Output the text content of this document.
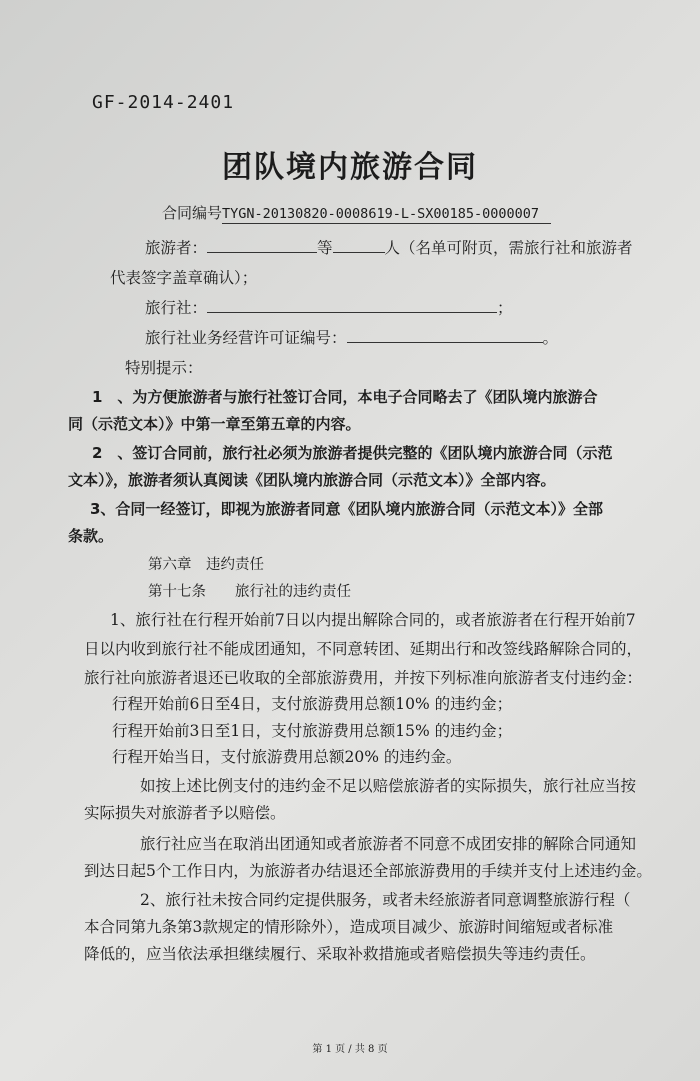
GF-2014-2401
团队境内旅游合同
合同编号TYGN-20130820-0008619-L-SX00185-0000007
旅游者：	等	人（名单可附页，需旅行社和旅游者
代表签字盖章确认）；
旅行社：	；
旅行社业务经营许可证编号：	。
特别提示：
1　、为方便旅游者与旅行社签订合同，本电子合同略去了《团队境内旅游合
同（示范文本）》中第一章至第五章的内容。
2　、签订合同前，旅行社必须为旅游者提供完整的《团队境内旅游合同（示范
文本）》，旅游者须认真阅读《团队境内旅游合同（示范文本）》全部内容。
3、合同一经签订，即视为旅游者同意《团队境内旅游合同（示范文本）》全部
条款。
第六章　违约责任
第十七条　　旅行社的违约责任
1、旅行社在行程开始前7日以内提出解除合同的，或者旅游者在行程开始前7
日以内收到旅行社不能成团通知，不同意转团、延期出行和改签线路解除合同的，
旅行社向旅游者退还已收取的全部旅游费用，并按下列标准向旅游者支付违约金：
行程开始前6日至4日，支付旅游费用总额10% 的违约金；
行程开始前3日至1日，支付旅游费用总额15% 的违约金；
行程开始当日，支付旅游费用总额20% 的违约金。
如按上述比例支付的违约金不足以赔偿旅游者的实际损失，旅行社应当按
实际损失对旅游者予以赔偿。
旅行社应当在取消出团通知或者旅游者不同意不成团安排的解除合同通知
到达日起5个工作日内，为旅游者办结退还全部旅游费用的手续并支付上述违约金。
2、旅行社未按合同约定提供服务，或者未经旅游者同意调整旅游行程（
本合同第九条第3款规定的情形除外），造成项目减少、旅游时间缩短或者标准
降低的，应当依法承担继续履行、采取补救措施或者赔偿损失等违约责任。
第 1 页 / 共 8 页
